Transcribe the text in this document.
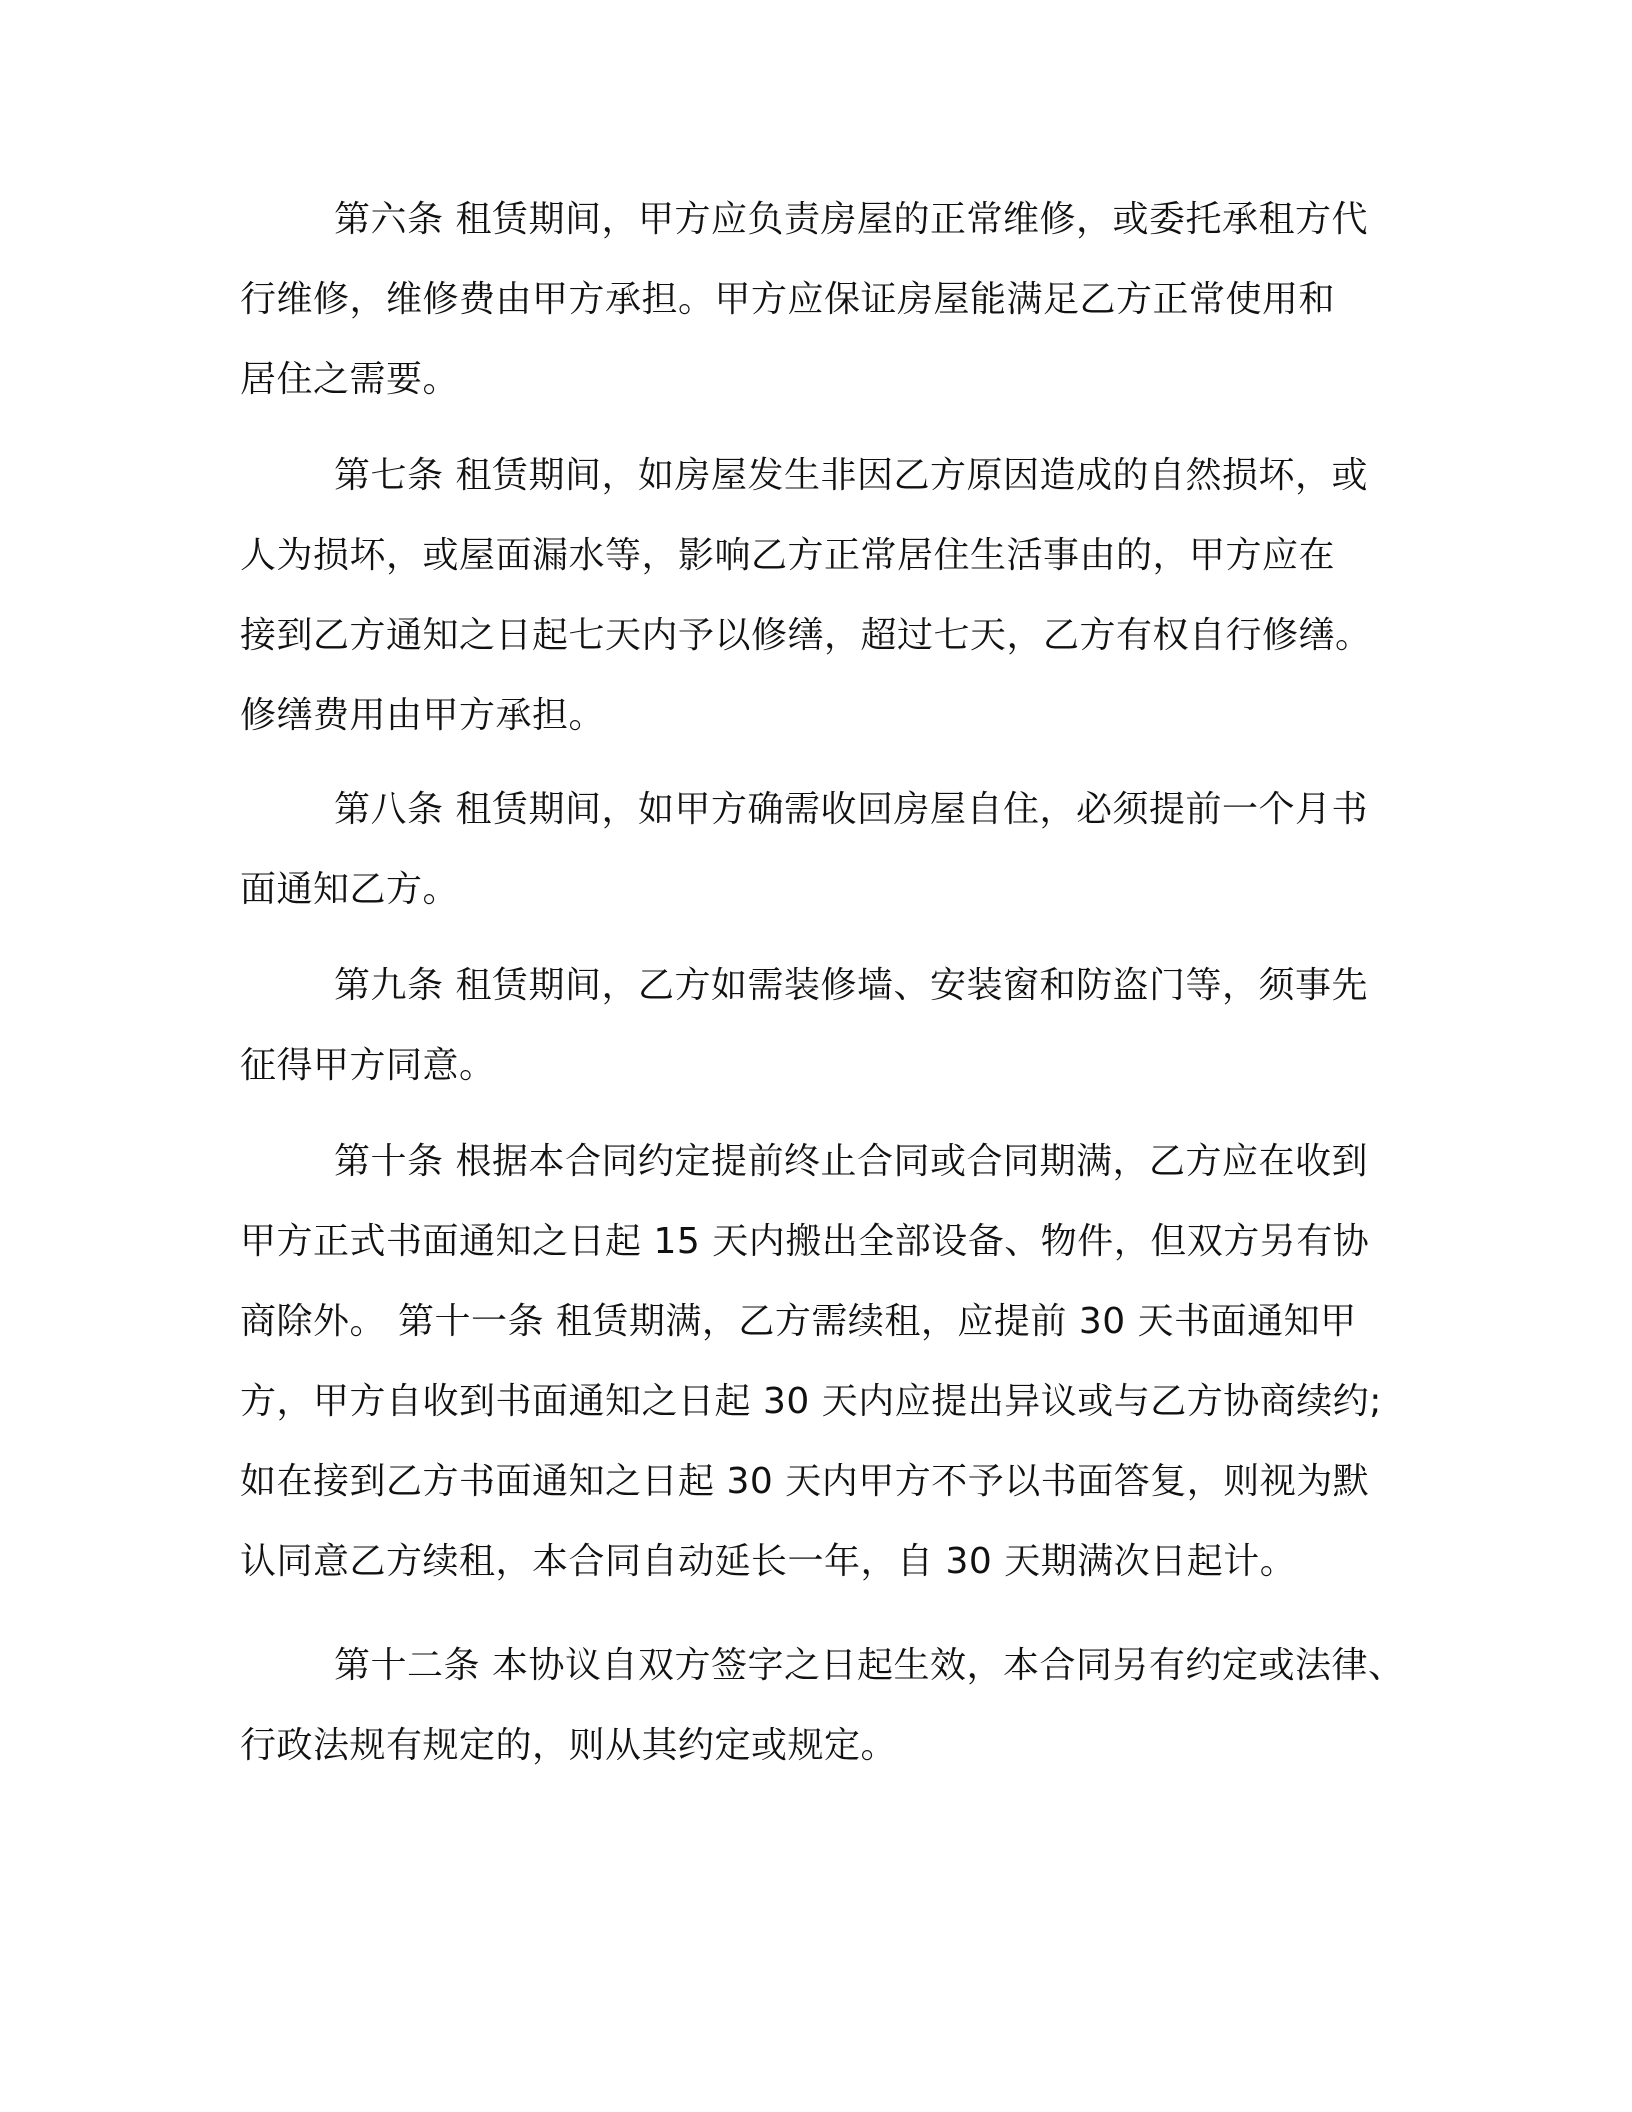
第六条 租赁期间，甲方应负责房屋的正常维修，或委托承租方代
行维修，维修费由甲方承担。甲方应保证房屋能满足乙方正常使用和
居住之需要。
第七条 租赁期间，如房屋发生非因乙方原因造成的自然损坏，或
人为损坏，或屋面漏水等，影响乙方正常居住生活事由的，甲方应在
接到乙方通知之日起七天内予以修缮，超过七天，乙方有权自行修缮。
修缮费用由甲方承担。
第八条 租赁期间，如甲方确需收回房屋自住，必须提前一个月书
面通知乙方。
第九条 租赁期间，乙方如需装修墙、安装窗和防盗门等，须事先
征得甲方同意。
第十条 根据本合同约定提前终止合同或合同期满，乙方应在收到
甲方正式书面通知之日起 15 天内搬出全部设备、物件，但双方另有协
商除外。 第十一条 租赁期满，乙方需续租，应提前 30 天书面通知甲
方，甲方自收到书面通知之日起 30 天内应提出异议或与乙方协商续约;
如在接到乙方书面通知之日起 30 天内甲方不予以书面答复，则视为默
认同意乙方续租，本合同自动延长一年，自 30 天期满次日起计。
第十二条 本协议自双方签字之日起生效，本合同另有约定或法律、
行政法规有规定的，则从其约定或规定。
